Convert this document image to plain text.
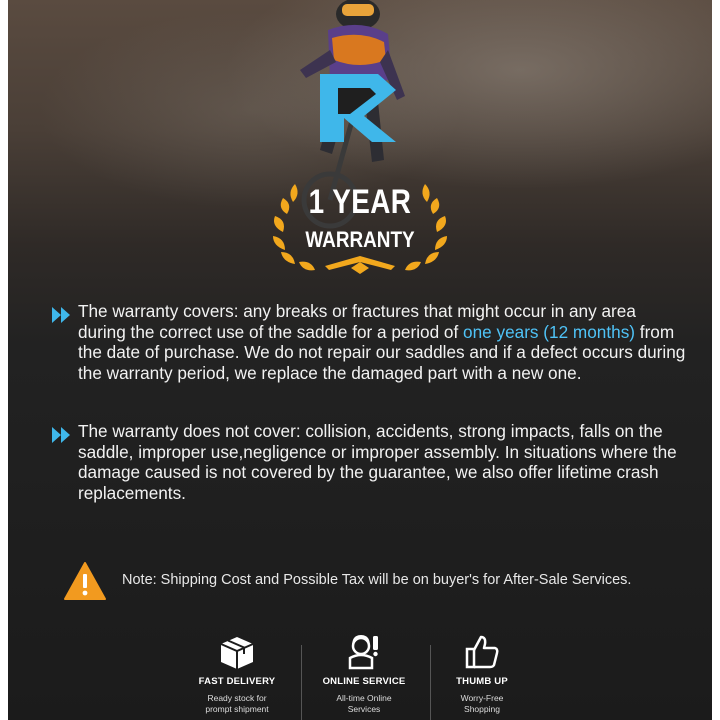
1 YEAR
WARRANTY
The warranty covers: any breaks or fractures that might occur in any area during the correct use of the saddle for a period of one years (12 months) from the date of purchase. We do not repair our saddles and if a defect occurs during the warranty period, we replace the damaged part with a new one.
The warranty does not cover: collision, accidents, strong impacts, falls on the saddle, improper use,negligence or improper assembly. In situations where the damage caused is not covered by the guarantee, we also offer lifetime crash replacements.
Note: Shipping Cost and Possible Tax will be on buyer's for After-Sale Services.
FAST DELIVERY
Ready stock for
prompt shipment
ONLINE SERVICE
All-time Online
Services
THUMB UP
Worry-Free
Shopping
